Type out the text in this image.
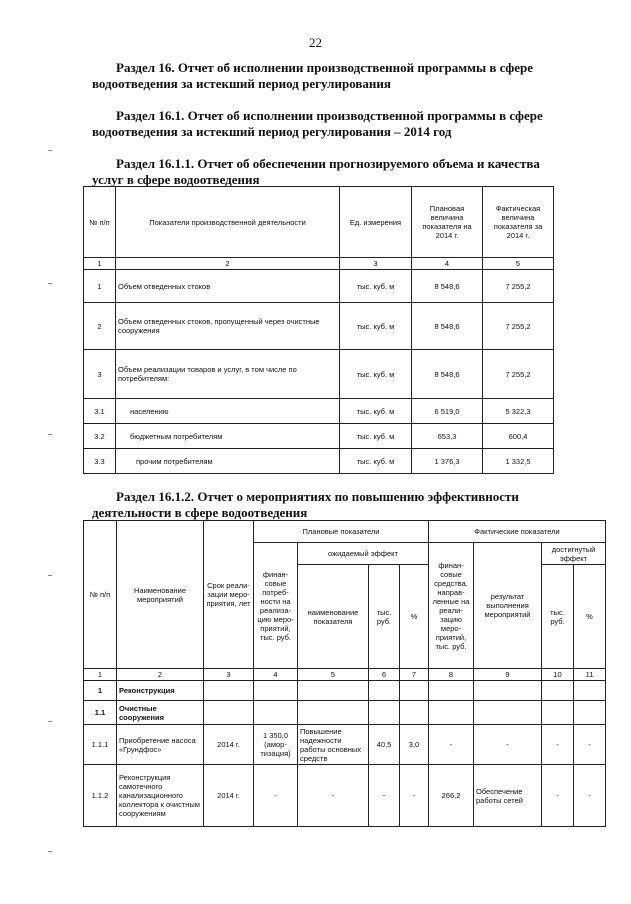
22
Раздел 16. Отчет об исполнении производственной программы в сфере водоотведения за истекший период регулирования
Раздел 16.1. Отчет об исполнении производственной программы в сфере водоотведения за истекший период регулирования – 2014 год
Раздел 16.1.1. Отчет об обеспечении прогнозируемого объема и качества услуг в сфере водоотведения
№ п/п	Показатели производственной деятельности	Ед. измерения	Плановая величина показателя на 2014 г.	Фактическая величина показателя за 2014 г.
1	2	3	4	5
1	Объем отведенных стоков	тыс. куб. м	8 548,6	7 255,2
2	Объем отведенных стоков, пропущенный через очистные сооружения	тыс. куб. м	8 548,6	7 255,2
3	Объем реализации товаров и услуг, в том числе по потребителям:	тыс. куб. м	8 548,6	7 255,2
3.1	населению	тыс. куб. м	6 519,0	5 322,3
3.2	бюджетным потребителям	тыс. куб. м	653,3	600,4
3.3	прочим потребителям	тыс. куб. м	1 376,3	1 332,5
Раздел 16.1.2. Отчет о мероприятиях по повышению эффективности деятельности в сфере водоотведения
№ п/п	Наименование мероприятий	Срок реали-зации меро-приятия, лет	Плановые показатели				Фактические показатели			
			финан-совые потреб-ности на реализа-цию меро-приятий, тыс. руб.	ожидаемый эффект			финан-совые средства, направ-ленные на реали-зацию меро-приятий, тыс. руб.	результат выполнения мероприятий	достигнутый эффект	
				наименование показателя	тыс. руб.	%			тыс. руб.	%

1	2	3	4	5	6	7	8	9	10	11
1	Реконструкция									
1.1	Очистные сооружения									
1.1.1	Приобретение насоса «Грундфос»	2014 г.	1 350,0 (амор-тизация)	Повышение надежности работы основных средств	40,5	3,0	-	-	-	-
1.1.2	Реконструкция самотечного канализационного коллектора к очистным сооружениям	2014 г.	-	-	-	-	266,2	Обеспечение работы сетей	-	-
